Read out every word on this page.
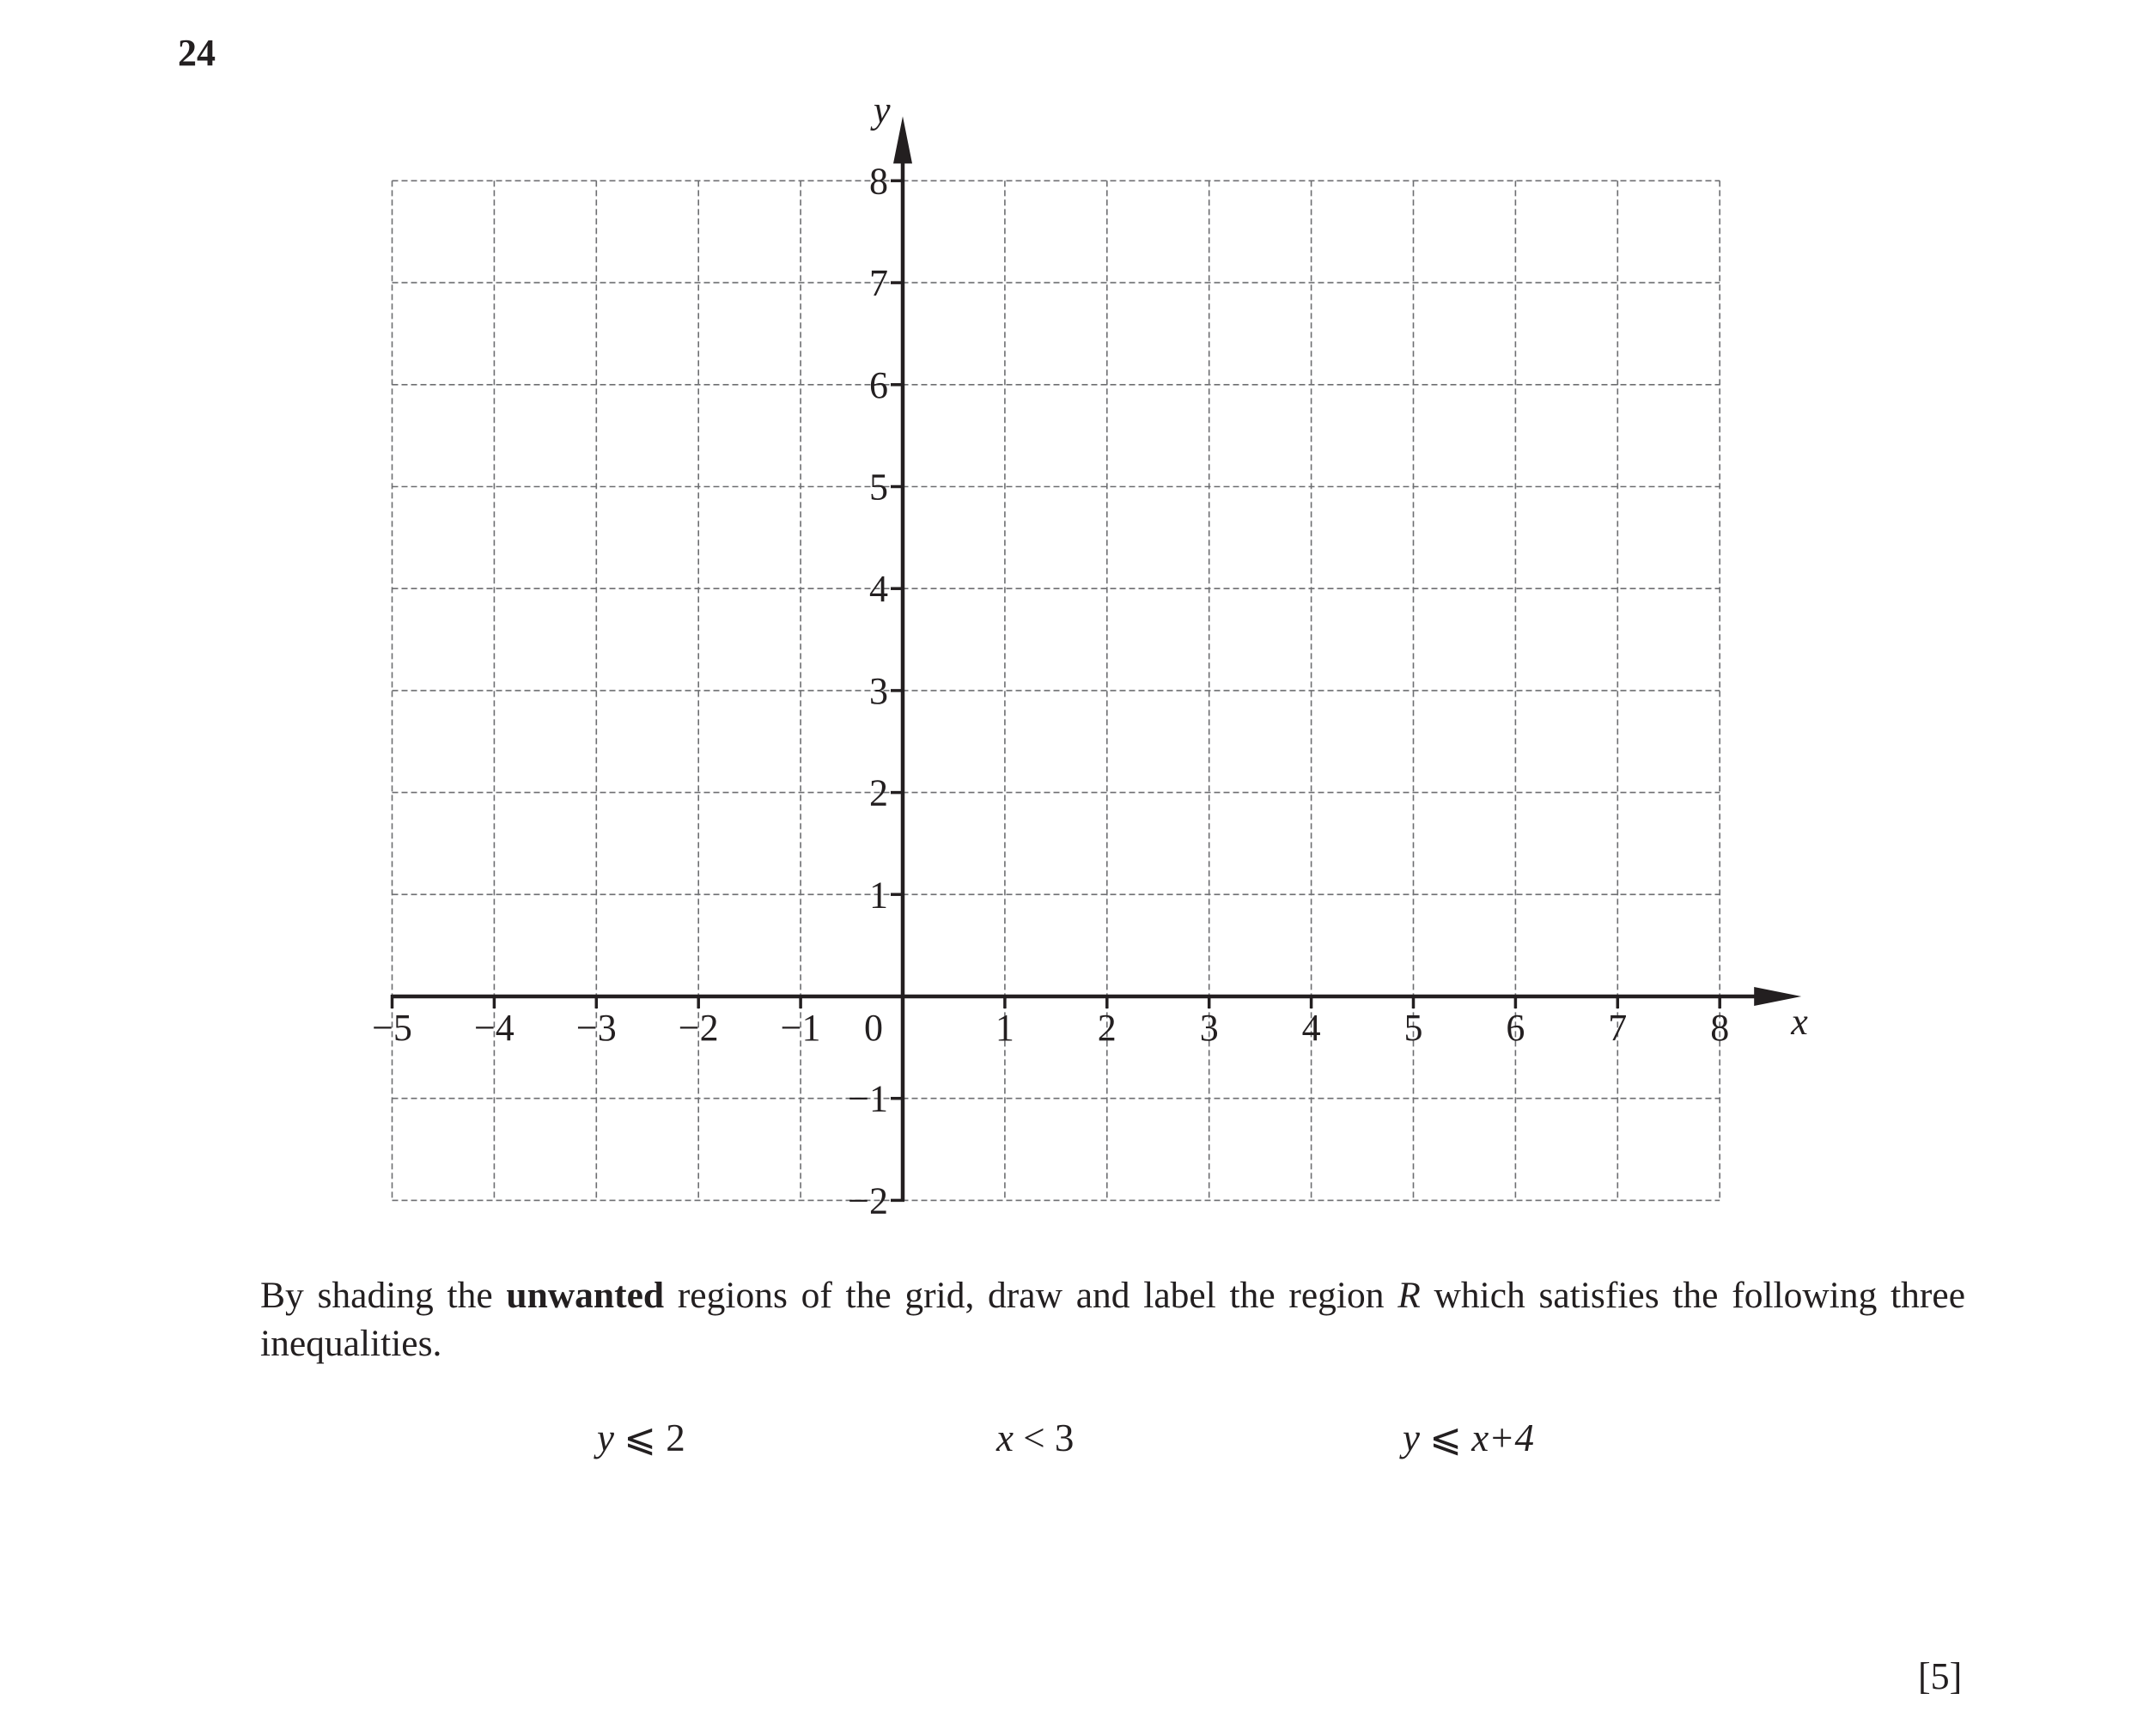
24
−5 −4 −3 −2 −1 0	1 2 3 4 5 6 7 8
−2
−1
1
2
3
4
5
6
7
8
x
y
By shading the unwanted regions of the grid, draw and label the region R which satisfies the following three inequalities.
y ⩽ 2	x < 3	y ⩽ x+4
[5]
